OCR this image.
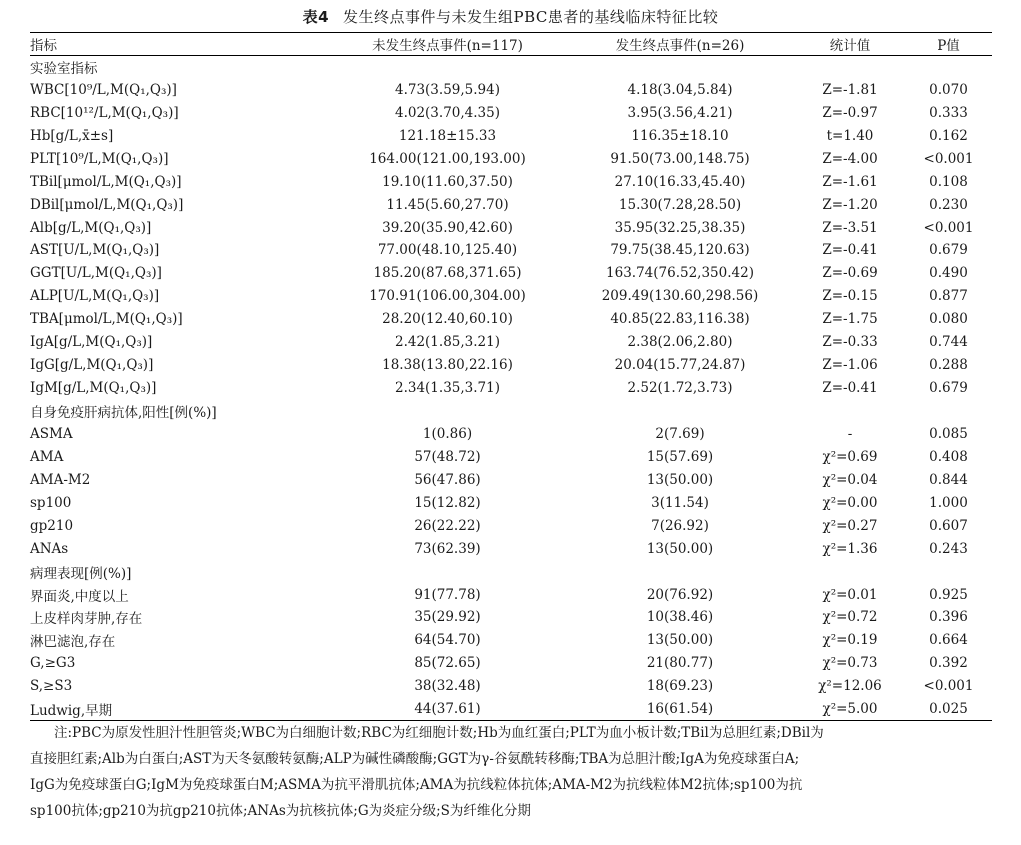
表4 发生终点事件与未发生组PBC患者的基线临床特征比较
指标	未发生终点事件(n=117)	发生终点事件(n=26)	统计值	P值
实验室指标				
WBC[10⁹/L,M(Q₁,Q₃)]	4.73(3.59,5.94)	4.18(3.04,5.84)	Z=-1.81	0.070
RBC[10¹²/L,M(Q₁,Q₃)]	4.02(3.70,4.35)	3.95(3.56,4.21)	Z=-0.97	0.333
Hb[g/L,x̄±s]	121.18±15.33	116.35±18.10	t=1.40	0.162
PLT[10⁹/L,M(Q₁,Q₃)]	164.00(121.00,193.00)	91.50(73.00,148.75)	Z=-4.00	<0.001
TBil[μmol/L,M(Q₁,Q₃)]	19.10(11.60,37.50)	27.10(16.33,45.40)	Z=-1.61	0.108
DBil[μmol/L,M(Q₁,Q₃)]	11.45(5.60,27.70)	15.30(7.28,28.50)	Z=-1.20	0.230
Alb[g/L,M(Q₁,Q₃)]	39.20(35.90,42.60)	35.95(32.25,38.35)	Z=-3.51	<0.001
AST[U/L,M(Q₁,Q₃)]	77.00(48.10,125.40)	79.75(38.45,120.63)	Z=-0.41	0.679
GGT[U/L,M(Q₁,Q₃)]	185.20(87.68,371.65)	163.74(76.52,350.42)	Z=-0.69	0.490
ALP[U/L,M(Q₁,Q₃)]	170.91(106.00,304.00)	209.49(130.60,298.56)	Z=-0.15	0.877
TBA[μmol/L,M(Q₁,Q₃)]	28.20(12.40,60.10)	40.85(22.83,116.38)	Z=-1.75	0.080
IgA[g/L,M(Q₁,Q₃)]	2.42(1.85,3.21)	2.38(2.06,2.80)	Z=-0.33	0.744
IgG[g/L,M(Q₁,Q₃)]	18.38(13.80,22.16)	20.04(15.77,24.87)	Z=-1.06	0.288
IgM[g/L,M(Q₁,Q₃)]	2.34(1.35,3.71)	2.52(1.72,3.73)	Z=-0.41	0.679
自身免疫肝病抗体,阳性[例(%)]				
ASMA	1(0.86)	2(7.69)	-	0.085
AMA	57(48.72)	15(57.69)	χ²=0.69	0.408
AMA-M2	56(47.86)	13(50.00)	χ²=0.04	0.844
sp100	15(12.82)	3(11.54)	χ²=0.00	1.000
gp210	26(22.22)	7(26.92)	χ²=0.27	0.607
ANAs	73(62.39)	13(50.00)	χ²=1.36	0.243
病理表现[例(%)]				
界面炎,中度以上	91(77.78)	20(76.92)	χ²=0.01	0.925
上皮样肉芽肿,存在	35(29.92)	10(38.46)	χ²=0.72	0.396
淋巴滤泡,存在	64(54.70)	13(50.00)	χ²=0.19	0.664
G,≥G3	85(72.65)	21(80.77)	χ²=0.73	0.392
S,≥S3	38(32.48)	18(69.23)	χ²=12.06	<0.001
Ludwig,早期	44(37.61)	16(61.54)	χ²=5.00	0.025
注:PBC为原发性胆汁性胆管炎;WBC为白细胞计数;RBC为红细胞计数;Hb为血红蛋白;PLT为血小板计数;TBil为总胆红素;DBil为
直接胆红素;Alb为白蛋白;AST为天冬氨酸转氨酶;ALP为碱性磷酸酶;GGT为γ-谷氨酰转移酶;TBA为总胆汁酸;IgA为免疫球蛋白A;
IgG为免疫球蛋白G;IgM为免疫球蛋白M;ASMA为抗平滑肌抗体;AMA为抗线粒体抗体;AMA-M2为抗线粒体M2抗体;sp100为抗
sp100抗体;gp210为抗gp210抗体;ANAs为抗核抗体;G为炎症分级;S为纤维化分期
